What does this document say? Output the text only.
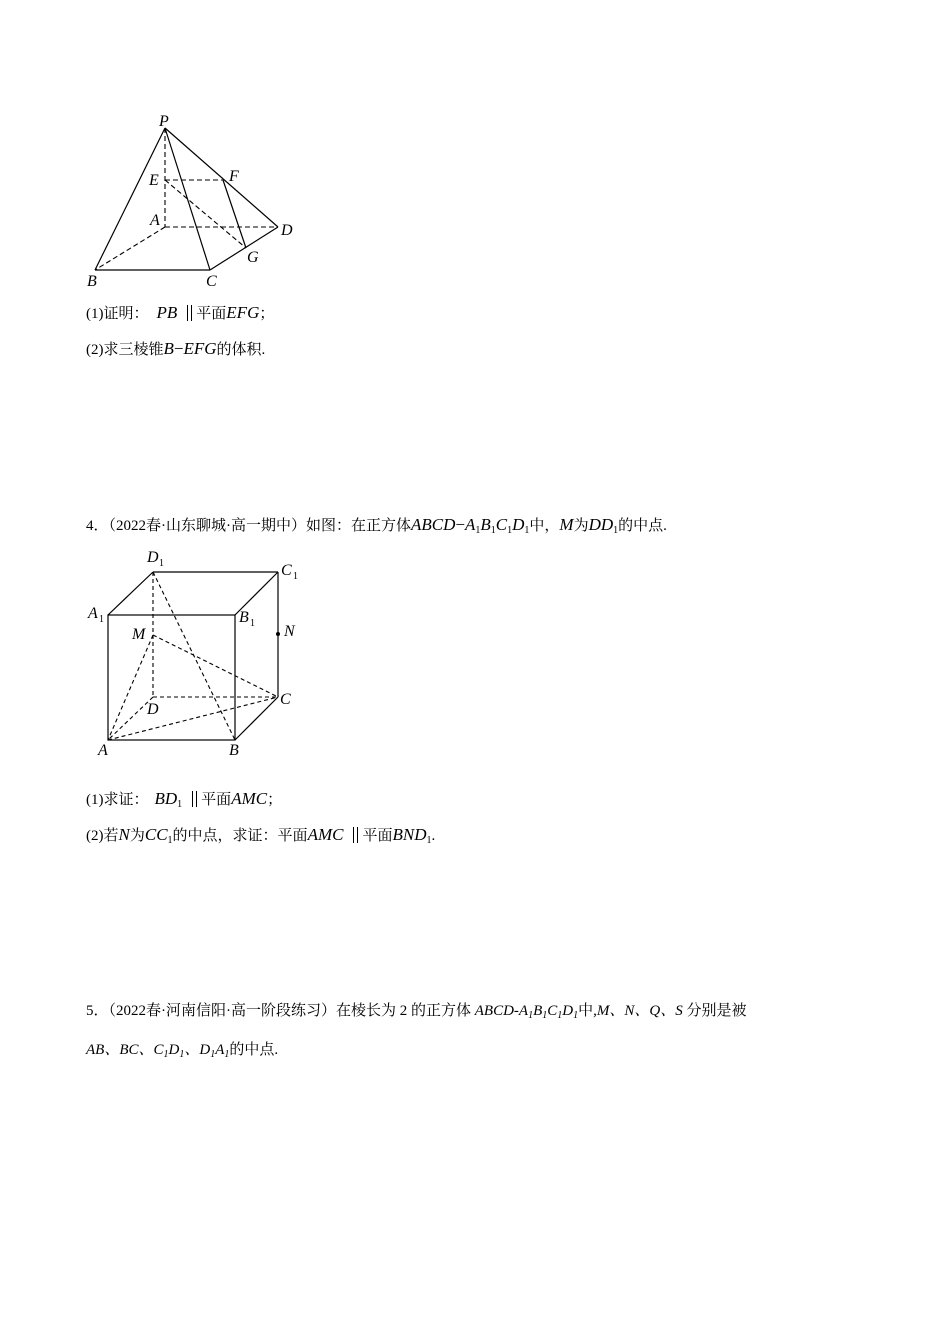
P
E	F
A
D
G
B	C
(1)证明： PB 平面EFG；
(2)求三棱锥B−EFG的体积.
4．（2022春·山东聊城·高一期中）如图：在正方体$ABCD-A_1B_1C_1D_1$中，M为$DD_1$的中点.
D 1	C 1
A 1	B 1
M	N
C
D
A	B
(1)求证： $BD_1$ 平面AMC；
(2)若N为$CC_1$的中点，求证：平面AMC 平面$BND_1$.
5．（2022春·河南信阳·高一阶段练习）在棱长为 2 的正方体 ABCD-$A_1B_1C_1D_1$中,M、N、Q、S 分别是被
AB、BC、$C_1D_1$、$D_1A_1$的中点.
